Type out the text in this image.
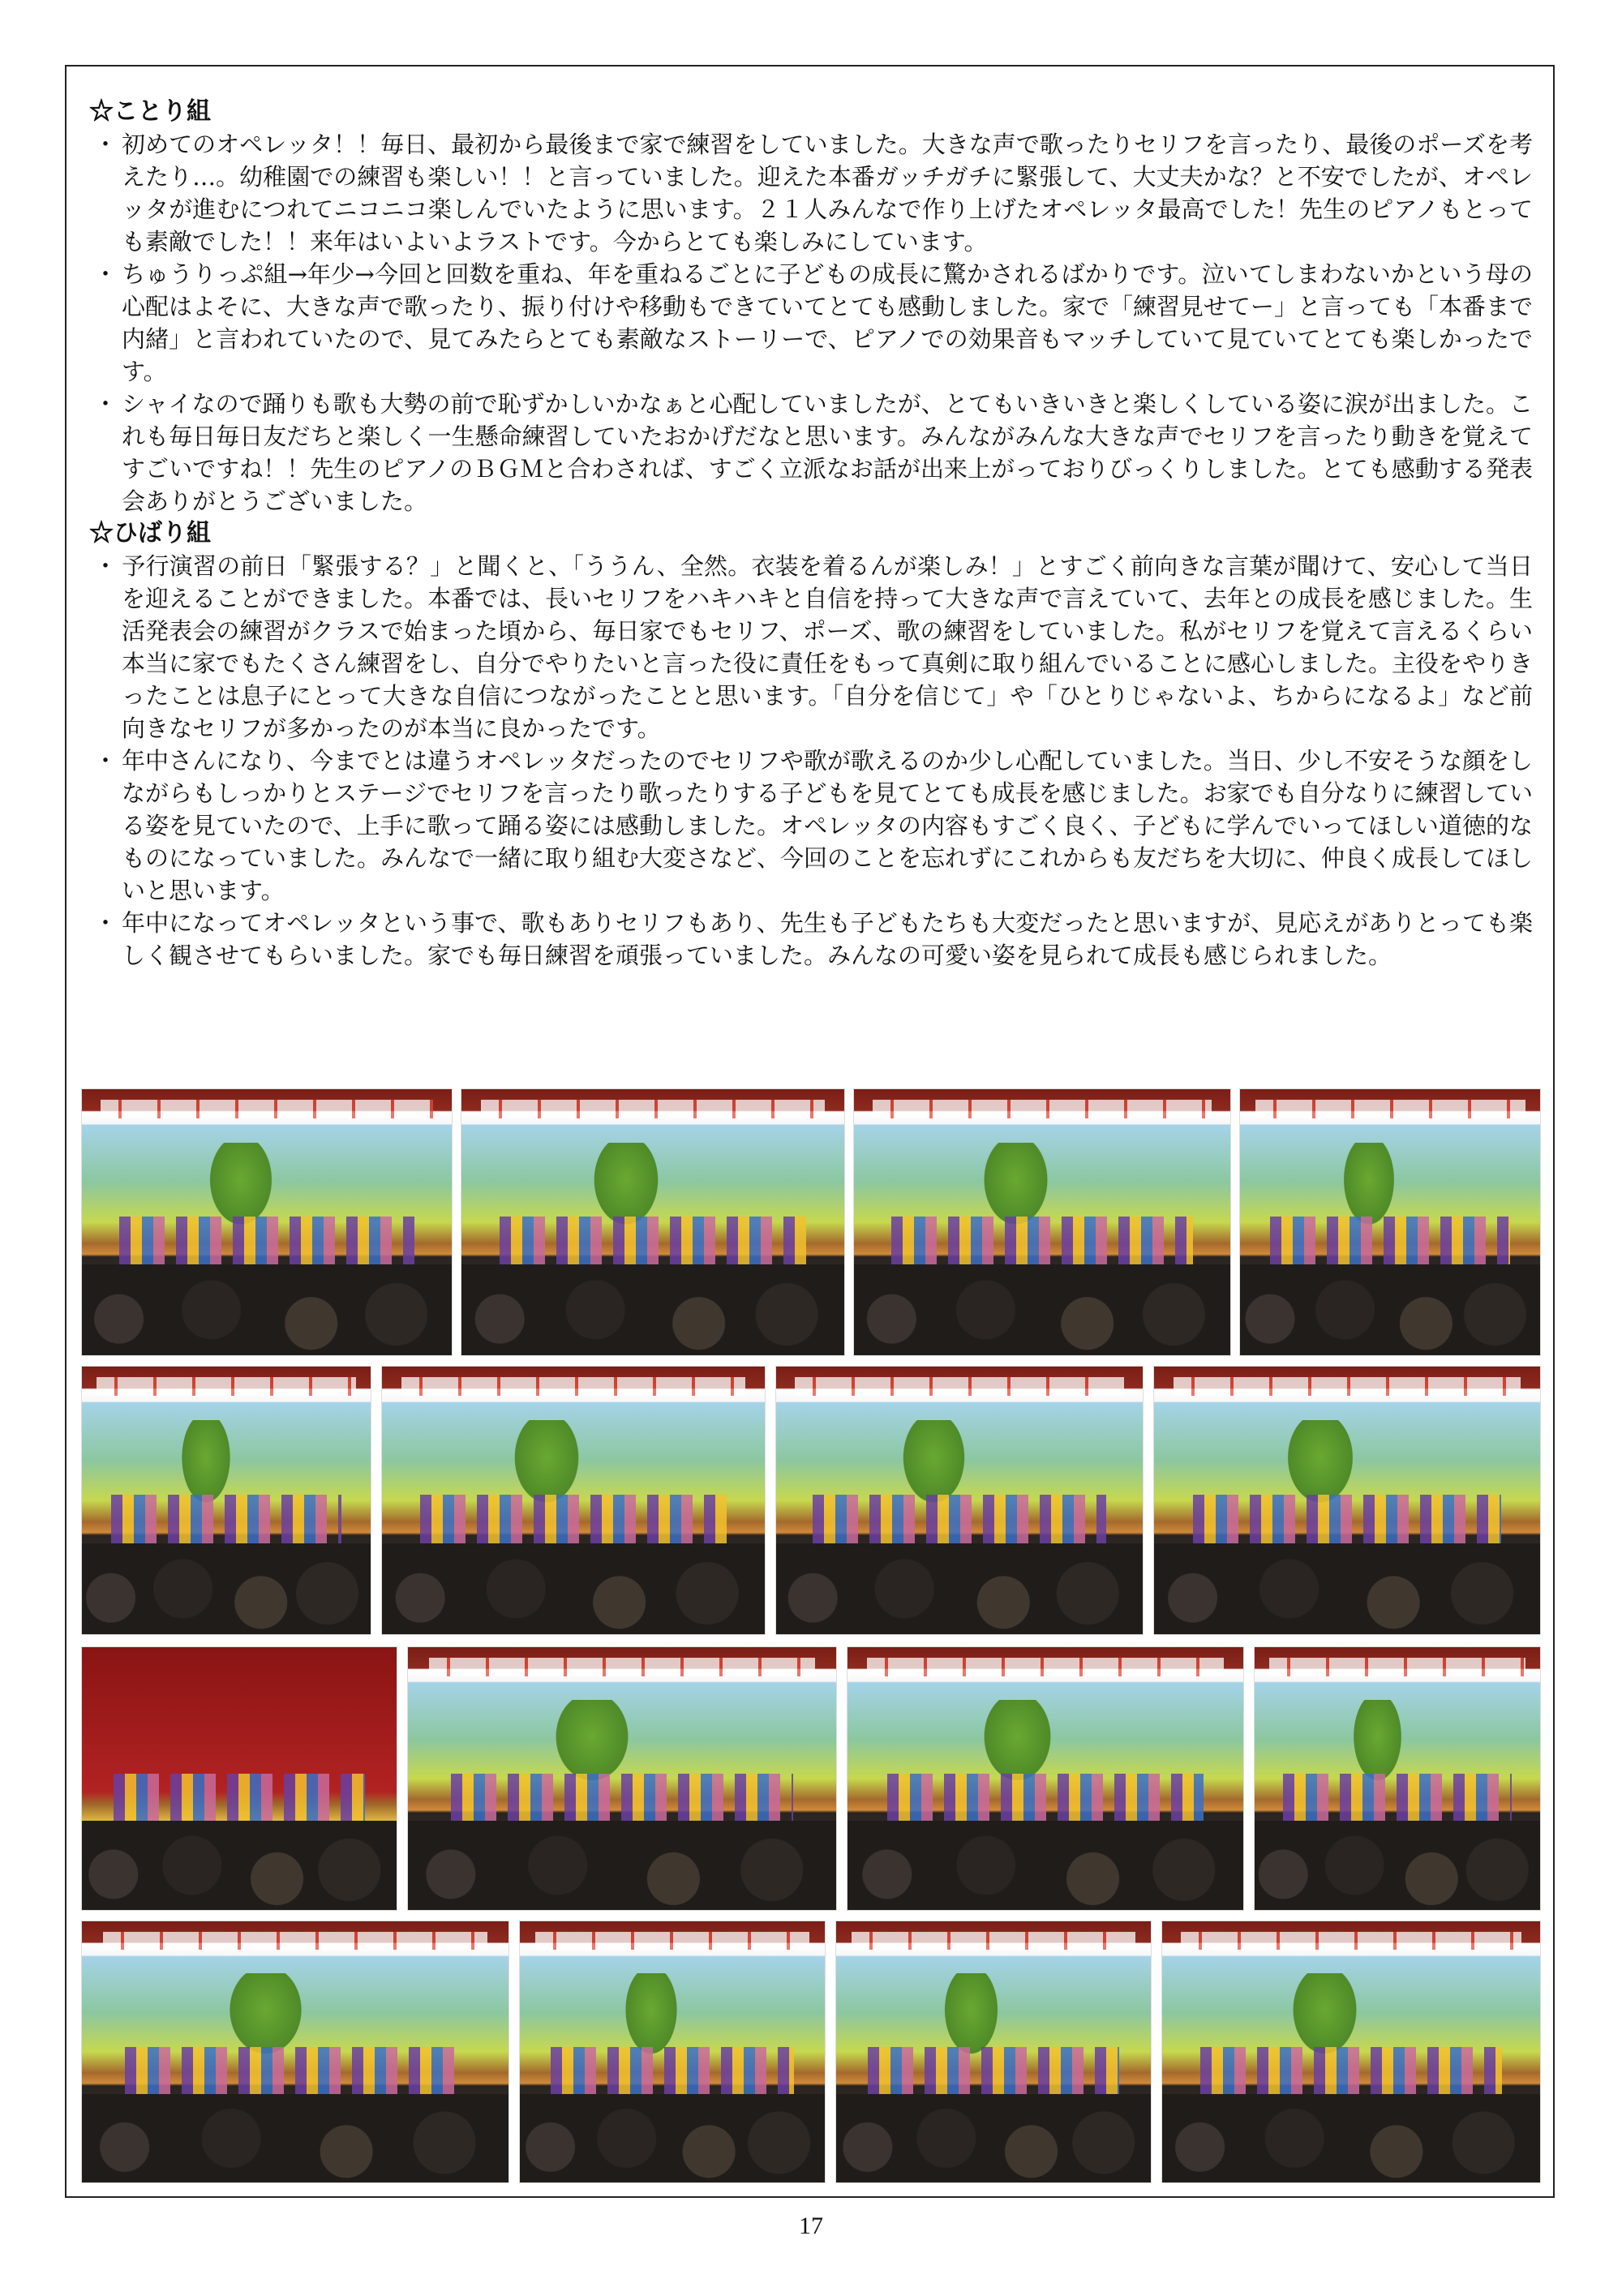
☆ことり組

・ 初めてのオペレッタ！！毎日、最初から最後まで家で練習をしていました。大きな声で歌ったりセリフを言ったり、最後のポーズを考えたり…。幼稚園での練習も楽しい！！と言っていました。迎えた本番ガッチガチに緊張して、大丈夫かな？と不安でしたが、オペレッタが進むにつれてニコニコ楽しんでいたように思います。２１人みんなで作り上げたオペレッタ最高でした！先生のピアノもとっても素敵でした！！来年はいよいよラストです。今からとても楽しみにしています。

・ ちゅうりっぷ組→年少→今回と回数を重ね、年を重ねるごとに子どもの成長に驚かされるばかりです。泣いてしまわないかという母の心配はよそに、大きな声で歌ったり、振り付けや移動もできていてとても感動しました。家で「練習見せてー」と言っても「本番まで内緒」と言われていたので、見てみたらとても素敵なストーリーで、ピアノでの効果音もマッチしていて見ていてとても楽しかったです。

・ シャイなので踊りも歌も大勢の前で恥ずかしいかなぁと心配していましたが、とてもいきいきと楽しくしている姿に涙が出ました。これも毎日毎日友だちと楽しく一生懸命練習していたおかげだなと思います。みんながみんな大きな声でセリフを言ったり動きを覚えてすごいですね！！先生のピアノのＢＧＭと合わされば、すごく立派なお話が出来上がっておりびっくりしました。とても感動する発表会ありがとうございました。

☆ひばり組

・ 予行演習の前日「緊張する？」と聞くと、「ううん、全然。衣装を着るんが楽しみ！」とすごく前向きな言葉が聞けて、安心して当日を迎えることができました。本番では、長いセリフをハキハキと自信を持って大きな声で言えていて、去年との成長を感じました。生活発表会の練習がクラスで始まった頃から、毎日家でもセリフ、ポーズ、歌の練習をしていました。私がセリフを覚えて言えるくらい本当に家でもたくさん練習をし、自分でやりたいと言った役に責任をもって真剣に取り組んでいることに感心しました。主役をやりきったことは息子にとって大きな自信につながったことと思います。「自分を信じて」や「ひとりじゃないよ、ちからになるよ」など前向きなセリフが多かったのが本当に良かったです。

・ 年中さんになり、今までとは違うオペレッタだったのでセリフや歌が歌えるのか少し心配していました。当日、少し不安そうな顔をしながらもしっかりとステージでセリフを言ったり歌ったりする子どもを見てとても成長を感じました。お家でも自分なりに練習している姿を見ていたので、上手に歌って踊る姿には感動しました。オペレッタの内容もすごく良く、子どもに学んでいってほしい道徳的なものになっていました。みんなで一緒に取り組む大変さなど、今回のことを忘れずにこれからも友だちを大切に、仲良く成長してほしいと思います。

・ 年中になってオペレッタという事で、歌もありセリフもあり、先生も子どもたちも大変だったと思いますが、見応えがありとっても楽しく観させてもらいました。家でも毎日練習を頑張っていました。みんなの可愛い姿を見られて成長も感じられました。

17
